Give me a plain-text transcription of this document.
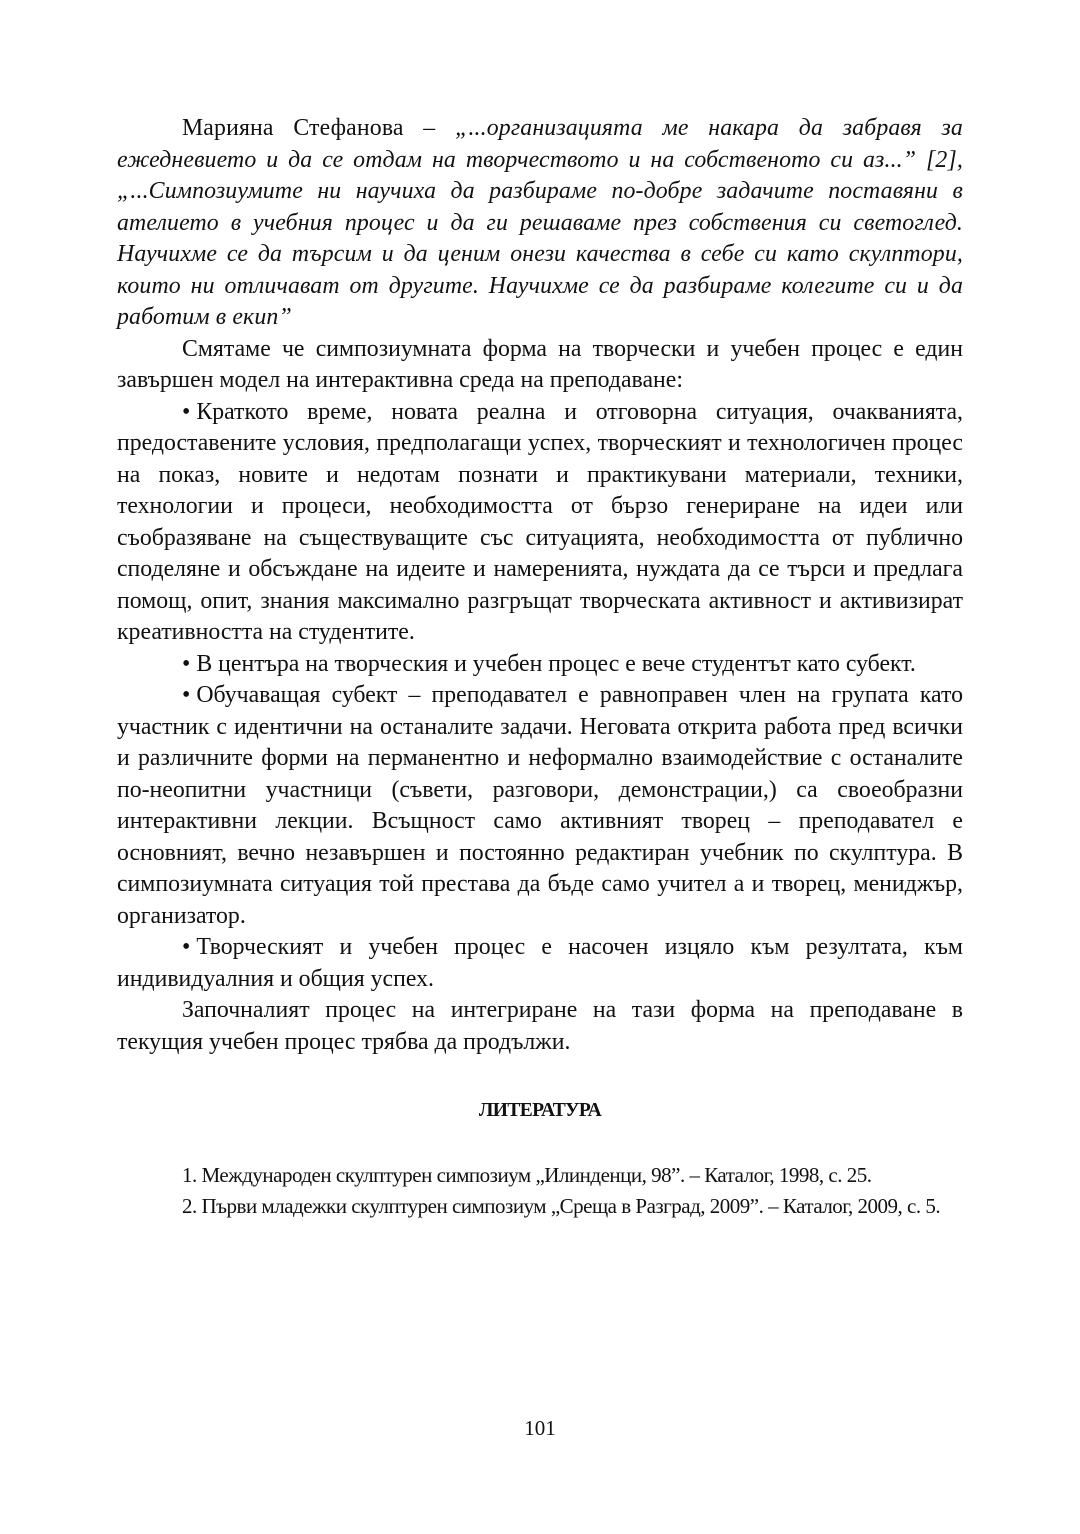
Марияна Стефанова – „...организацията ме накара да забравя за ежедневието и да се отдам на творчеството и на собственото си аз...” [2], „...Симпозиумите ни научиха да разбираме по-добре задачите поставяни в ателието в учебния процес и да ги решаваме през собствения си светоглед. Научихме се да търсим и да ценим онези качества в себе си като скулптори, които ни отличават от другите. Научихме се да разбираме колегите си и да работим в екип”

Смятаме че симпозиумната форма на творчески и учебен процес е един завършен модел на интерактивна среда на преподаване:

• Краткото време, новата реална и отговорна ситуация, очакванията, предоставените условия, предполагащи успех, творческият и технологичен процес на показ, новите и недотам познати и практикувани материали, техники, технологии и процеси, необходимостта от бързо генериране на идеи или съобразяване на съществуващите със ситуацията, необходимостта от публично споделяне и обсъждане на идеите и намеренията, нуждата да се търси и предлага помощ, опит, знания максимално разгръщат творческата активност и активизират креативността на студентите.

• В центъра на творческия и учебен процес е вече студентът като субект.

• Обучаващая субект – преподавател е равноправен член на групата като участник с идентични на останалите задачи. Неговата открита работа пред всички и различните форми на перманентно и неформално взаимодействие с останалите по-неопитни участници (съвети, разговори, демонстрации,) са своеобразни интерактивни лекции. Всъщност само активният творец – преподавател е основният, вечно незавършен и постоянно редактиран учебник по скулптура. В симпозиумната ситуация той престава да бъде само учител а и творец, мениджър, организатор.

• Творческият и учебен процес е насочен изцяло към резултата, към индивидуалния и общия успех.

Започналият процес на интегриране на тази форма на преподаване в текущия учебен процес трябва да продължи.

ЛИТЕРАТУРА

1. Международен скулптурен симпозиум „Илинденци, 98”. – Каталог, 1998, с. 25.

2. Първи младежки скулптурен симпозиум „Среща в Разград, 2009”. – Каталог, 2009, с. 5.

101
